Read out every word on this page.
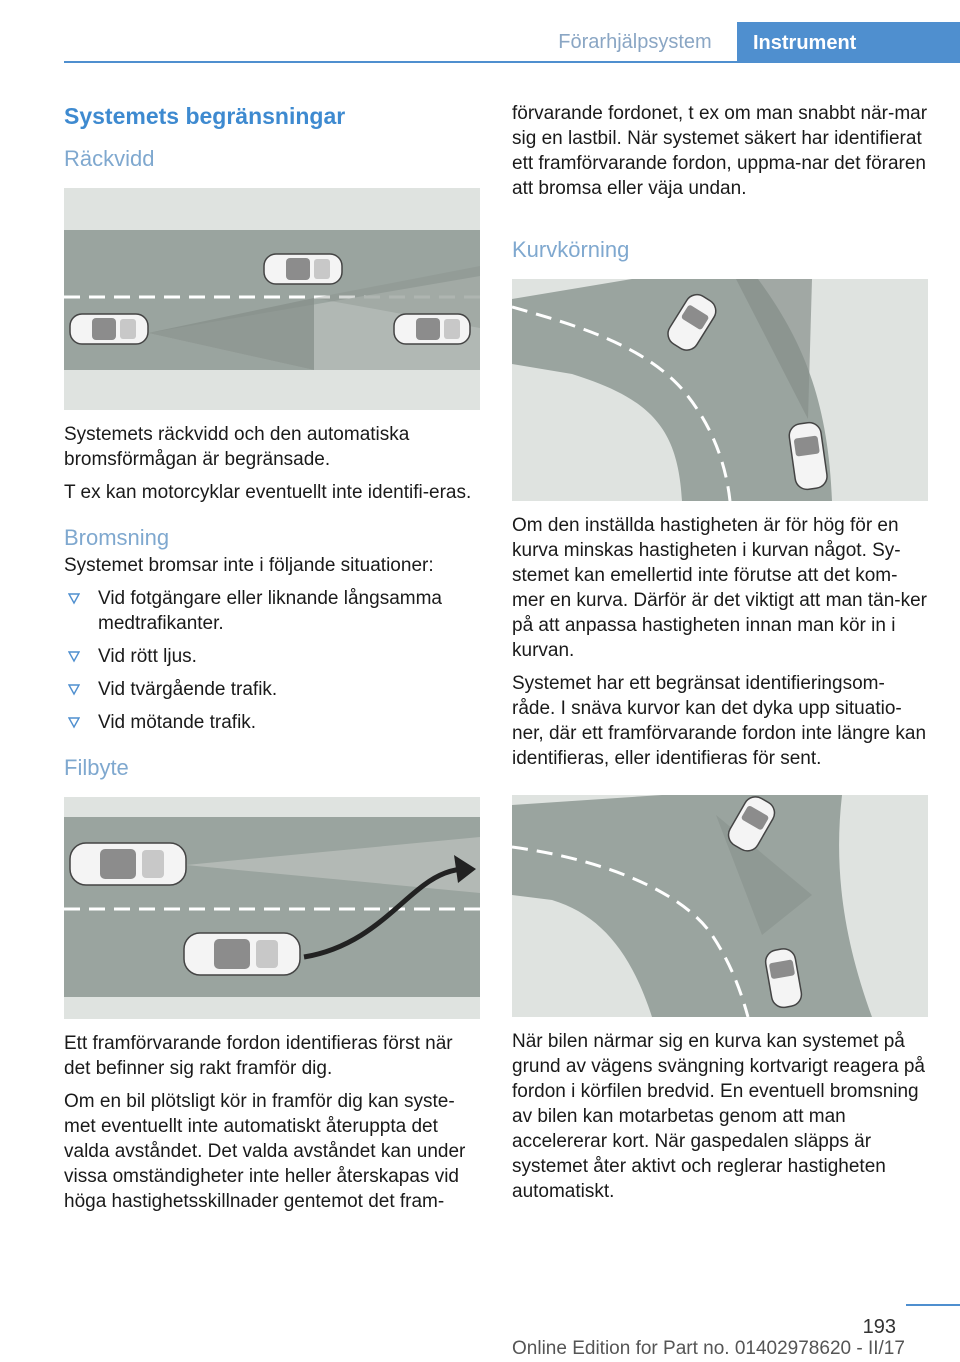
Förarhjälpsystem	Instrument
Systemets begränsningar
Räckvidd

Systemets räckvidd och den automatiska bromsförmågan är begränsade.

T ex kan motorcyklar eventuellt inte identifi‐eras.

Bromsning

Systemet bromsar inte i följande situationer:

Vid fotgängare eller liknande långsamma medtrafikanter.
Vid rött ljus.
Vid tvärgående trafik.
Vid mötande trafik.
Filbyte

Ett framförvarande fordon identifieras först när det befinner sig rakt framför dig.

Om en bil plötsligt kör in framför dig kan syste‐met eventuellt inte automatiskt återuppta det valda avståndet. Det valda avståndet kan under vissa omständigheter inte heller återskapas vid höga hastighetsskillnader gentemot det fram‐

förvarande fordonet, t ex om man snabbt när‐mar sig en lastbil. När systemet säkert har identifierat ett framförvarande fordon, uppma‐nar det föraren att bromsa eller väja undan.

Kurvkörning

Om den inställda hastigheten är för hög för en kurva minskas hastigheten i kurvan något. Sy‐stemet kan emellertid inte förutse att det kom‐mer en kurva. Därför är det viktigt att man tän‐ker på att anpassa hastigheten innan man kör in i kurvan.

Systemet har ett begränsat identifieringsom‐råde. I snäva kurvor kan det dyka upp situatio‐ner, där ett framförvarande fordon inte längre kan identifieras, eller identifieras för sent.

När bilen närmar sig en kurva kan systemet på grund av vägens svängning kortvarigt reagera på fordon i körfilen bredvid. En eventuell bromsning av bilen kan motarbetas genom att man accelererar kort. När gaspedalen släpps är systemet åter aktivt och reglerar hastigheten automatiskt.

193
Online Edition for Part no. 01402978620 - II/17
